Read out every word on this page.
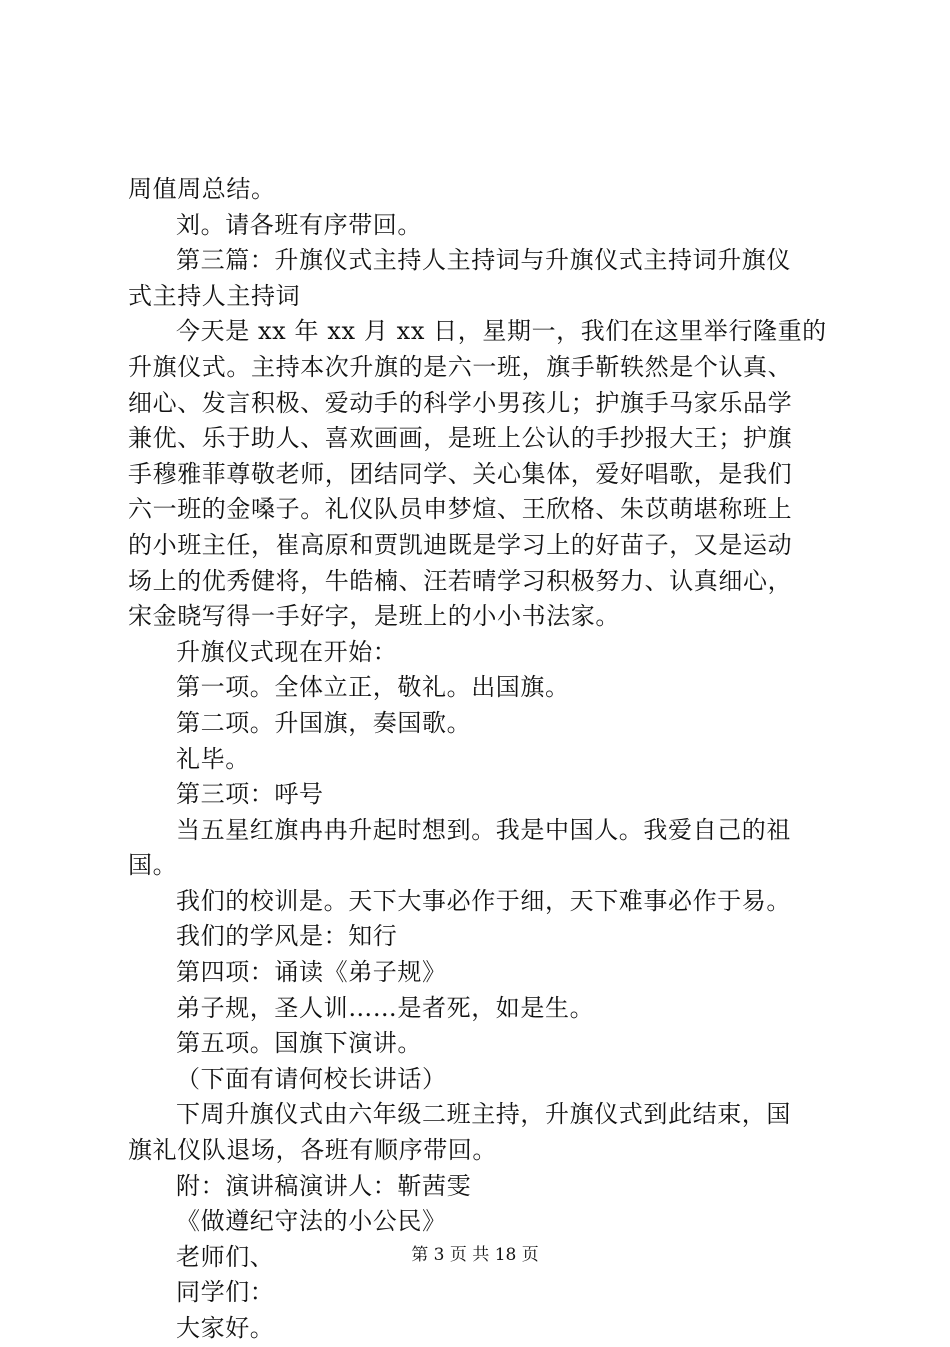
周值周总结。

刘。请各班有序带回。

第三篇：升旗仪式主持人主持词与升旗仪式主持词升旗仪

式主持人主持词

今天是 xx 年 xx 月 xx 日，星期一，我们在这里举行隆重的

升旗仪式。主持本次升旗的是六一班，旗手靳轶然是个认真、

细心、发言积极、爱动手的科学小男孩儿；护旗手马家乐品学

兼优、乐于助人、喜欢画画，是班上公认的手抄报大王；护旗

手穆雅菲尊敬老师，团结同学、关心集体，爱好唱歌，是我们

六一班的金嗓子。礼仪队员申梦煊、王欣格、朱苡萌堪称班上

的小班主任，崔高原和贾凯迪既是学习上的好苗子，又是运动

场上的优秀健将，牛皓楠、汪若晴学习积极努力、认真细心，

宋金晓写得一手好字，是班上的小小书法家。

升旗仪式现在开始：

第一项。全体立正，敬礼。出国旗。

第二项。升国旗，奏国歌。

礼毕。

第三项：呼号

当五星红旗冉冉升起时想到。我是中国人。我爱自己的祖

国。

我们的校训是。天下大事必作于细，天下难事必作于易。

我们的学风是：知行

第四项：诵读《弟子规》

弟子规，圣人训……是者死，如是生。

第五项。国旗下演讲。

（下面有请何校长讲话）

下周升旗仪式由六年级二班主持，升旗仪式到此结束，国

旗礼仪队退场，各班有顺序带回。

附：演讲稿演讲人：靳茜雯

《做遵纪守法的小公民》

老师们、

同学们：

大家好。

第 3 页 共 18 页
